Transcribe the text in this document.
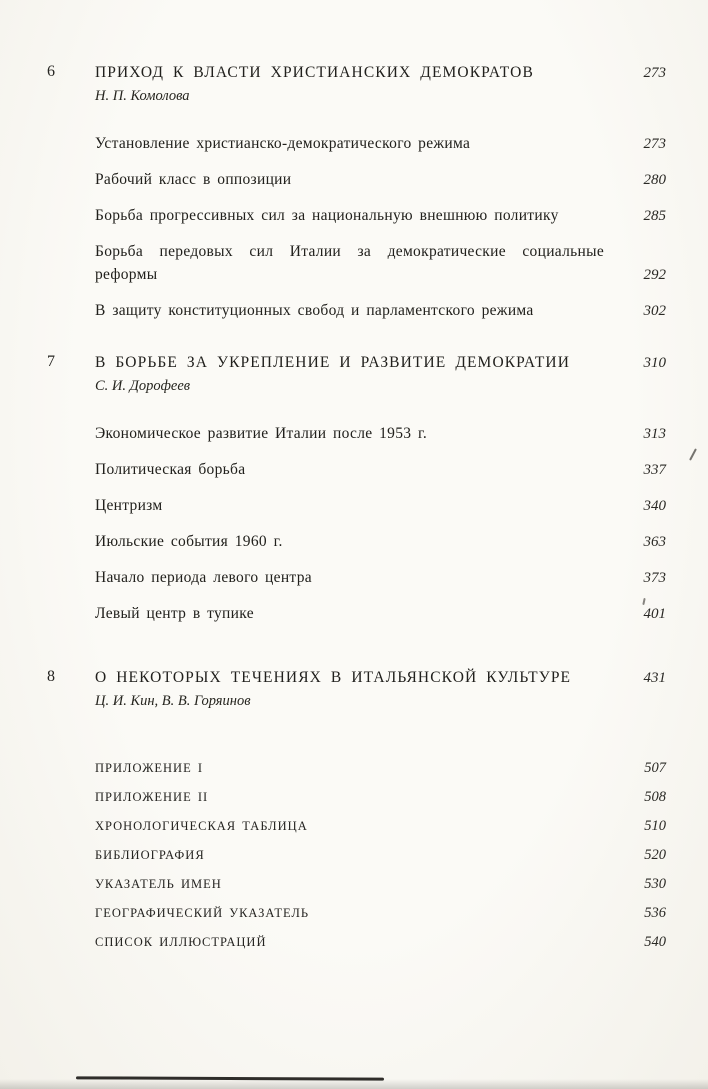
6	ПРИХОД К ВЛАСТИ ХРИСТИАНСКИХ ДЕМОКРАТОВ	273
Н. П. Комолова
Установление христианско-демократического режима	273
Рабочий класс в оппозиции	280
Борьба прогрессивных сил за национальную внешнюю политику	285
Борьба передовых сил Италии за демократические социальные реформы	292
В защиту конституционных свобод и парламентского режима	302
7	В БОРЬБЕ ЗА УКРЕПЛЕНИЕ И РАЗВИТИЕ ДЕМОКРАТИИ	310
С. И. Дорофеев
Экономическое развитие Италии после 1953 г.	313
Политическая борьба	337
Центризм	340
Июльские события 1960 г.	363
Начало периода левого центра	373
Левый центр в тупике	401
8	О НЕКОТОРЫХ ТЕЧЕНИЯХ В ИТАЛЬЯНСКОЙ КУЛЬТУРЕ	431
Ц. И. Кин, В. В. Горяинов
ПРИЛОЖЕНИЕ I	507
ПРИЛОЖЕНИЕ II	508
ХРОНОЛОГИЧЕСКАЯ ТАБЛИЦА	510
БИБЛИОГРАФИЯ	520
УКАЗАТЕЛЬ ИМЕН	530
ГЕОГРАФИЧЕСКИЙ УКАЗАТЕЛЬ	536
СПИСОК ИЛЛЮСТРАЦИЙ	540
